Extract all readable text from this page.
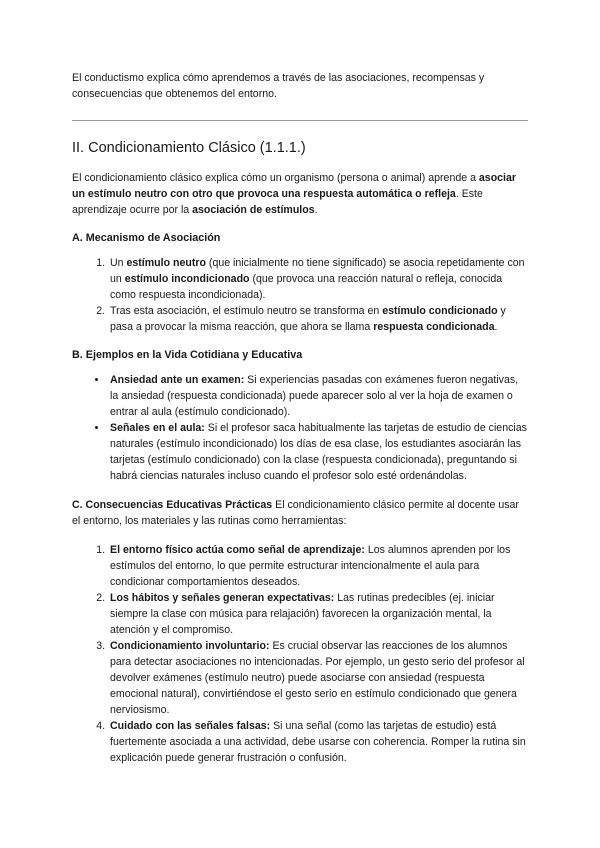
El conductismo explica cómo aprendemos a través de las asociaciones, recompensas y consecuencias que obtenemos del entorno.

II. Condicionamiento Clásico (1.1.1.)

El condicionamiento clásico explica cómo un organismo (persona o animal) aprende a asociar un estímulo neutro con otro que provoca una respuesta automática o refleja. Este aprendizaje ocurre por la asociación de estímulos.

A. Mecanismo de Asociación
1. Un estímulo neutro (que inicialmente no tiene significado) se asocia repetidamente con un estímulo incondicionado (que provoca una reacción natural o refleja, conocida como respuesta incondicionada).
2. Tras esta asociación, el estímulo neutro se transforma en estímulo condicionado y pasa a provocar la misma reacción, que ahora se llama respuesta condicionada.
B. Ejemplos en la Vida Cotidiana y Educativa
• Ansiedad ante un examen: Si experiencias pasadas con exámenes fueron negativas, la ansiedad (respuesta condicionada) puede aparecer solo al ver la hoja de examen o entrar al aula (estímulo condicionado).
• Señales en el aula: Si el profesor saca habitualmente las tarjetas de estudio de ciencias naturales (estímulo incondicionado) los días de esa clase, los estudiantes asociarán las tarjetas (estímulo condicionado) con la clase (respuesta condicionada), preguntando si habrá ciencias naturales incluso cuando el profesor solo esté ordenándolas.

C. Consecuencias Educativas Prácticas El condicionamiento clásico permite al docente usar el entorno, los materiales y las rutinas como herramientas:

1. El entorno físico actúa como señal de aprendizaje: Los alumnos aprenden por los estímulos del entorno, lo que permite estructurar intencionalmente el aula para condicionar comportamientos deseados.
2. Los hábitos y señales generan expectativas: Las rutinas predecibles (ej. iniciar siempre la clase con música para relajación) favorecen la organización mental, la atención y el compromiso.
3. Condicionamiento involuntario: Es crucial observar las reacciones de los alumnos para detectar asociaciones no intencionadas. Por ejemplo, un gesto serio del profesor al devolver exámenes (estímulo neutro) puede asociarse con ansiedad (respuesta emocional natural), convirtiéndose el gesto serio en estímulo condicionado que genera nerviosismo.
4. Cuidado con las señales falsas: Si una señal (como las tarjetas de estudio) está fuertemente asociada a una actividad, debe usarse con coherencia. Romper la rutina sin explicación puede generar frustración o confusión.
